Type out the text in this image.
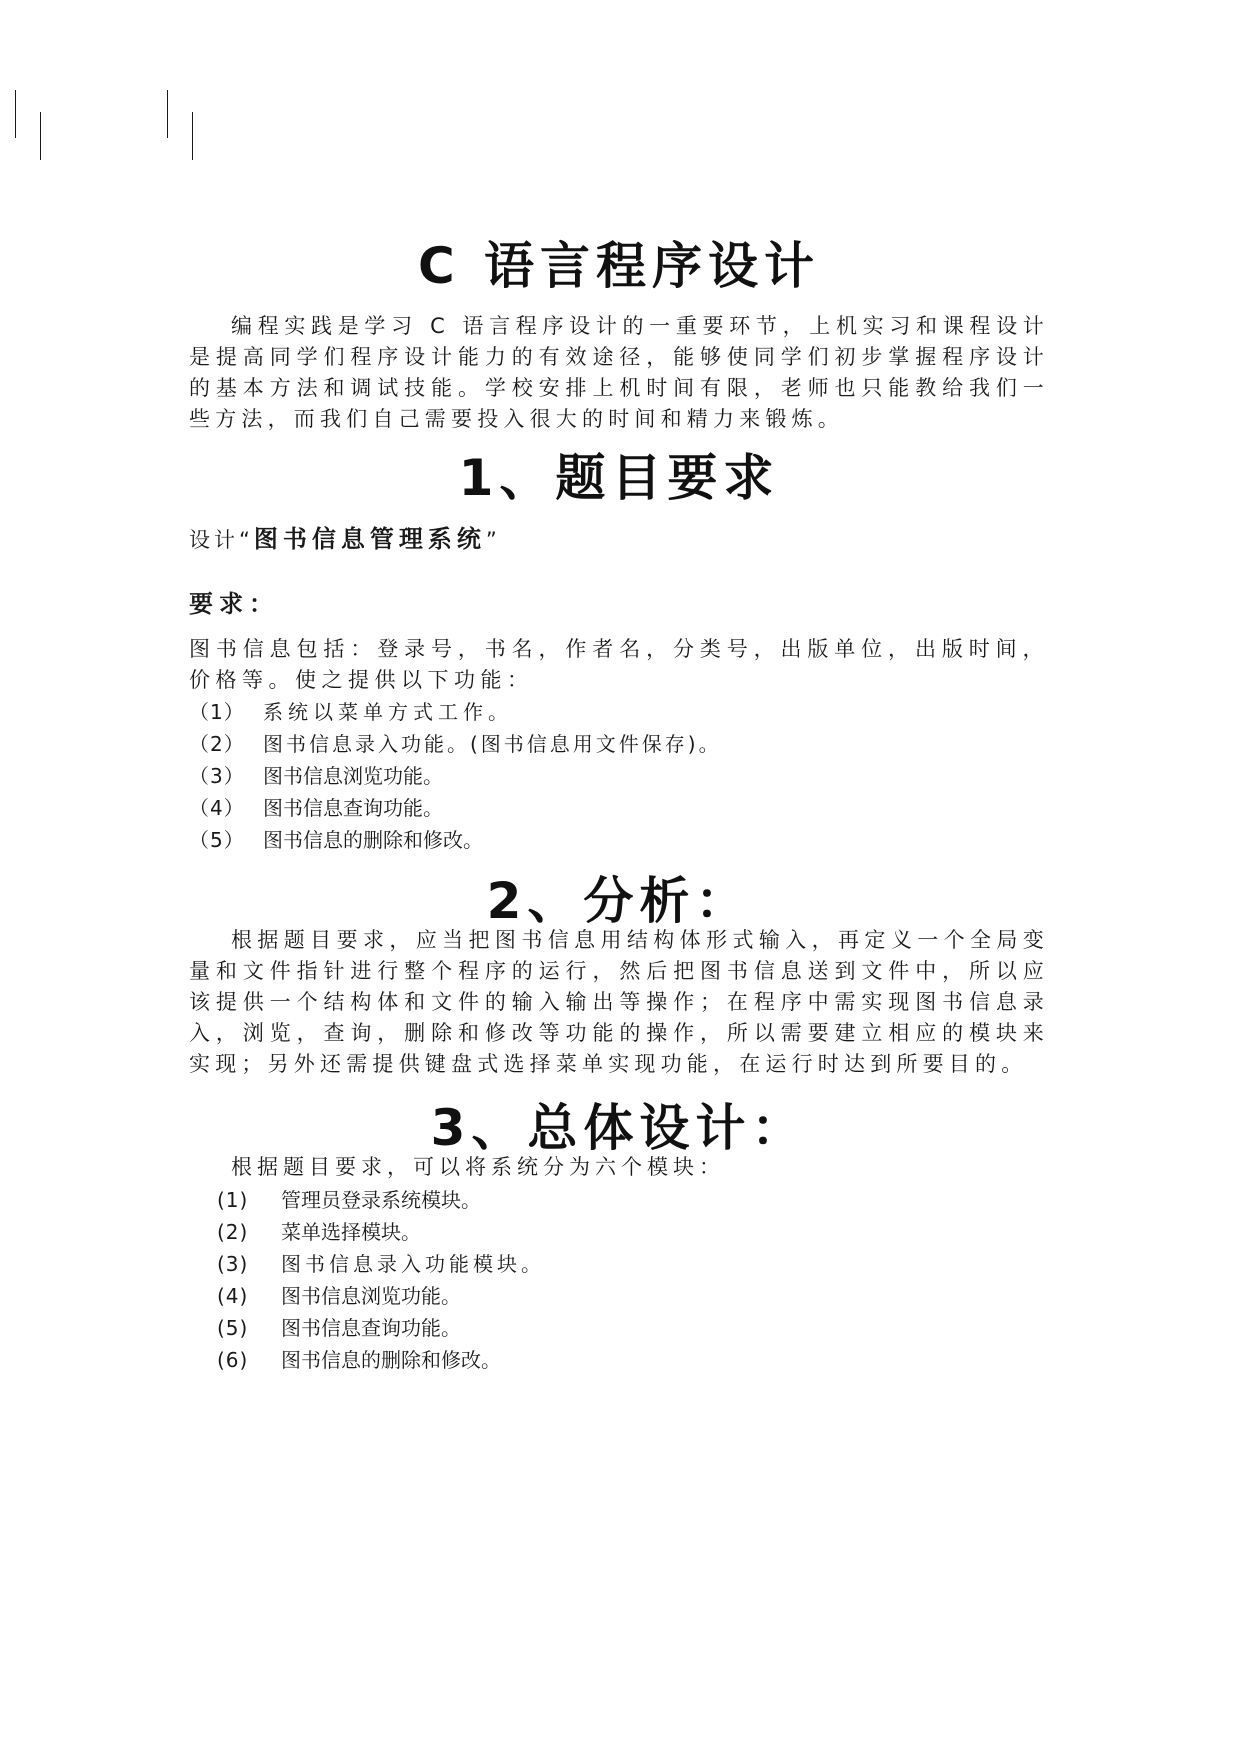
C 语言程序设计
编程实践是学习 C 语言程序设计的一重要环节，上机实习和课程设计是提高同学们程序设计能力的有效途径，能够使同学们初步掌握程序设计的基本方法和调试技能。学校安排上机时间有限，老师也只能教给我们一些方法，而我们自己需要投入很大的时间和精力来锻炼。
1、题目要求
设计“图书信息管理系统”
要求：
图书信息包括：登录号，书名，作者名，分类号，出版单位，出版时间，价格等。使之提供以下功能：
（1） 系统以菜单方式工作。
（2） 图书信息录入功能。(图书信息用文件保存)。
（3） 图书信息浏览功能。
（4） 图书信息查询功能。
（5） 图书信息的删除和修改。
2、分析：
根据题目要求，应当把图书信息用结构体形式输入，再定义一个全局变量和文件指针进行整个程序的运行，然后把图书信息送到文件中，所以应该提供一个结构体和文件的输入输出等操作；在程序中需实现图书信息录入，浏览，查询，删除和修改等功能的操作，所以需要建立相应的模块来实现；另外还需提供键盘式选择菜单实现功能，在运行时达到所要目的。
3、总体设计：
根据题目要求，可以将系统分为六个模块：
(1) 管理员登录系统模块。
(2) 菜单选择模块。
(3) 图书信息录入功能模块。
(4) 图书信息浏览功能。
(5) 图书信息查询功能。
(6) 图书信息的删除和修改。
